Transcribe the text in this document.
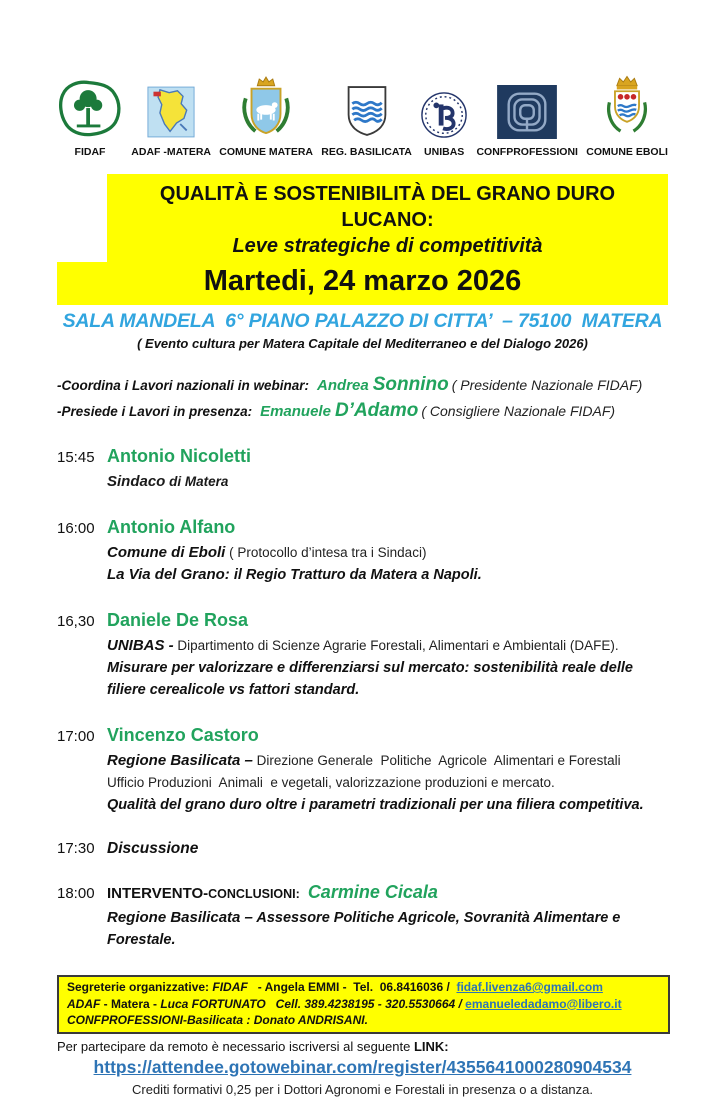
FIDAF ADAF -MATERA COMUNE MATERA REG. BASILICATA UNIBAS CONFPROFESSIONI COMUNE EBOLI
QUALITÀ E SOSTENIBILITÀ DEL GRANO DURO LUCANO:
Leve strategiche di competitività
Martedi, 24 marzo 2026
SALA MANDELA  6° PIANO PALAZZO DI CITTA’  – 75100  MATERA
( Evento cultura per Matera Capitale del Mediterraneo e del Dialogo 2026)

-Coordina i Lavori nazionali in webinar: Andrea Sonnino ( Presidente Nazionale FIDAF)

-Presiede i Lavori in presenza: Emanuele D’Adamo ( Consigliere Nazionale FIDAF)

15:45 Antonio Nicoletti

Sindaco di Matera

16:00 Antonio Alfano

Comune di Eboli ( Protocollo d’intesa tra i Sindaci)

La Via del Grano: il Regio Tratturo da Matera a Napoli.

16,30 Daniele De Rosa

UNIBAS - Dipartimento di Scienze Agrarie Forestali, Alimentari e Ambientali (DAFE).

Misurare per valorizzare e differenziarsi sul mercato: sostenibilità reale delle filiere cerealicole vs fattori standard.

17:00 Vincenzo Castoro

Regione Basilicata – Direzione Generale  Politiche  Agricole  Alimentari e Forestali

Ufficio Produzioni  Animali  e vegetali, valorizzazione produzioni e mercato.

Qualità del grano duro oltre i parametri tradizionali per una filiera competitiva.

17:30 Discussione
18:00 INTERVENTO- CONCLUSIONI: Carmine Cicala

Regione Basilicata – Assessore Politiche Agricole, Sovranità Alimentare e Forestale.

Segreterie organizzative: FIDAF   - Angela EMMI -  Tel.  06.8416036 /  fidaf.livenza6@gmail.com

ADAF - Matera - Luca FORTUNATO   Cell. 389.4238195 - 320.5530664 / emanueledadamo@libero.it

CONFPROFESSIONI-Basilicata : Donato ANDRISANI.

Per partecipare da remoto è necessario iscriversi al seguente LINK:

https://attendee.gotowebinar.com/register/4355641000280904534

Crediti formativi 0,25 per i Dottori Agronomi e Forestali in presenza o a distanza.
